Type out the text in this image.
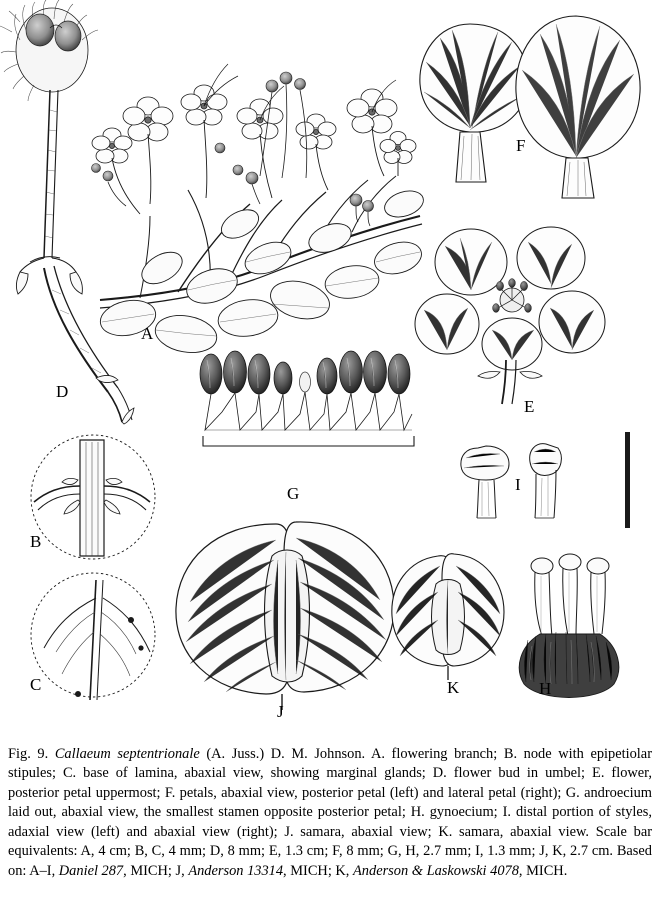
A
B
C
D
E
F
G
H
I
J
K
Fig. 9. Callaeum septentrionale (A. Juss.) D. M. Johnson. A. flowering branch; B. node with epipetiolar stipules; C. base of lamina, abaxial view, showing marginal glands; D. flower bud in umbel; E. flower, posterior petal uppermost; F. petals, abaxial view, posterior petal (left) and lateral petal (right); G. androecium laid out, abaxial view, the smallest stamen opposite posterior petal; H. gynoecium; I. distal portion of styles, adaxial view (left) and abaxial view (right); J. samara, abaxial view; K. samara, abaxial view. Scale bar equivalents: A, 4 cm; B, C, 4 mm; D, 8 mm; E, 1.3 cm; F, 8 mm; G, H, 2.7 mm; I, 1.3 mm; J, K, 2.7 cm. Based on: A–I, Daniel 287, MICH; J, Anderson 13314, MICH; K, Anderson & Laskowski 4078, MICH.
